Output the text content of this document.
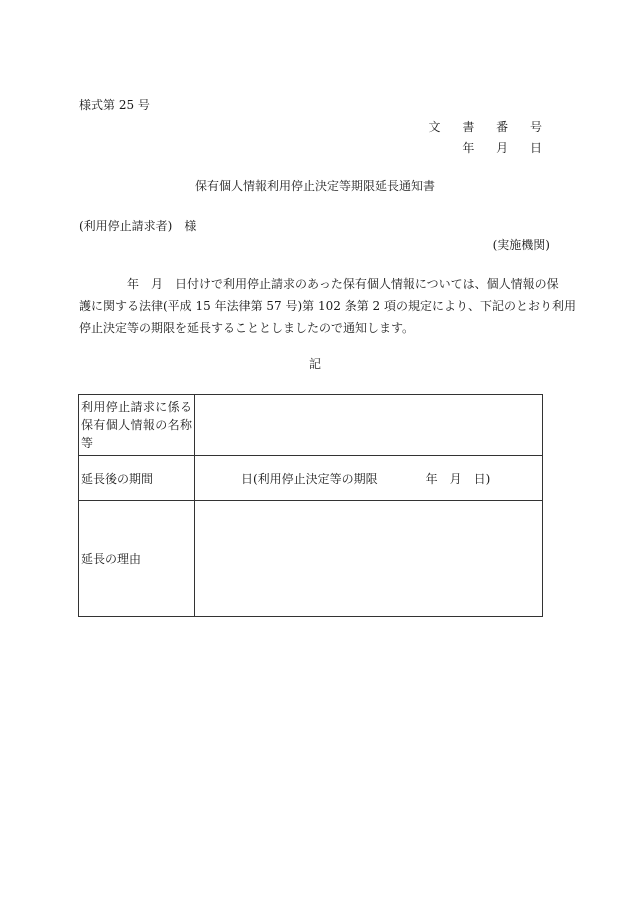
様式第 25 号
文 書 番 号
年 月 日
保有個人情報利用停止決定等期限延長通知書
(利用停止請求者)　様
(実施機関)
　　　　年　月　日付けで利用停止請求のあった保有個人情報については、個人情報の保
護に関する法律(平成 15 年法律第 57 号)第 102 条第 2 項の規定により、下記のとおり利用
停止決定等の期限を延長することとしましたので通知します。
記
利用停止請求に係る
保有個人情報の名称
等	

延長後の期間	日(利用停止決定等の期限　　　　年　月　日)
延長の理由	
